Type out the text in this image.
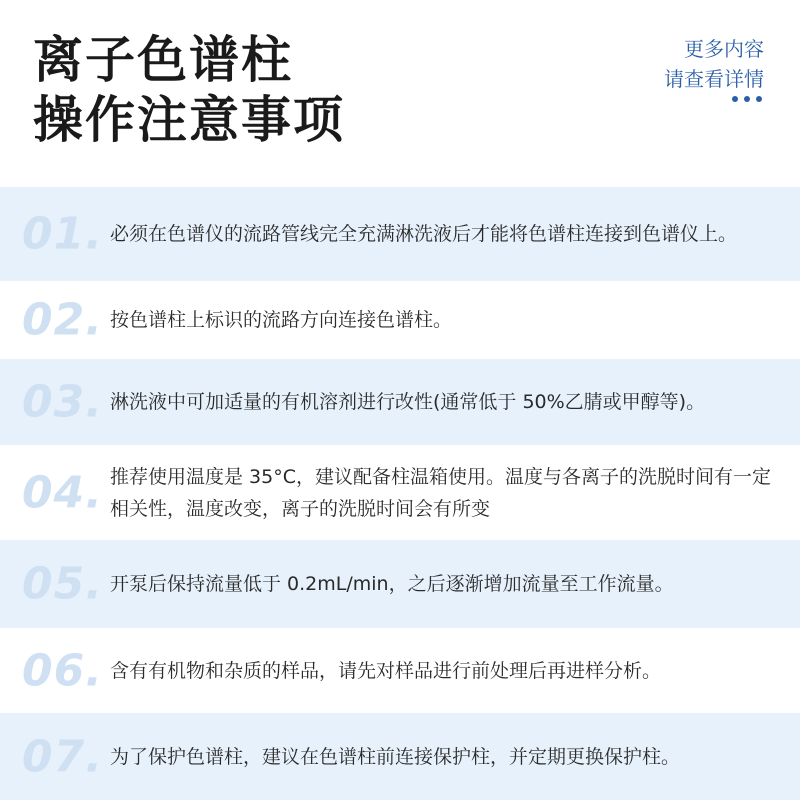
离子色谱柱
操作注意事项
更多内容
请查看详情
01. 必须在色谱仪的流路管线完全充满淋洗液后才能将色谱柱连接到色谱仪上。
02. 按色谱柱上标识的流路方向连接色谱柱。
03. 淋洗液中可加适量的有机溶剂进行改性(通常低于 50%乙腈或甲醇等)。
04. 推荐使用温度是 35°C，建议配备柱温箱使用。温度与各离子的洗脱时间有一定相关性，温度改变，离子的洗脱时间会有所变
05. 开泵后保持流量低于 0.2mL/min，之后逐渐增加流量至工作流量。
06. 含有有机物和杂质的样品，请先对样品进行前处理后再进样分析。
07. 为了保护色谱柱，建议在色谱柱前连接保护柱，并定期更换保护柱。
